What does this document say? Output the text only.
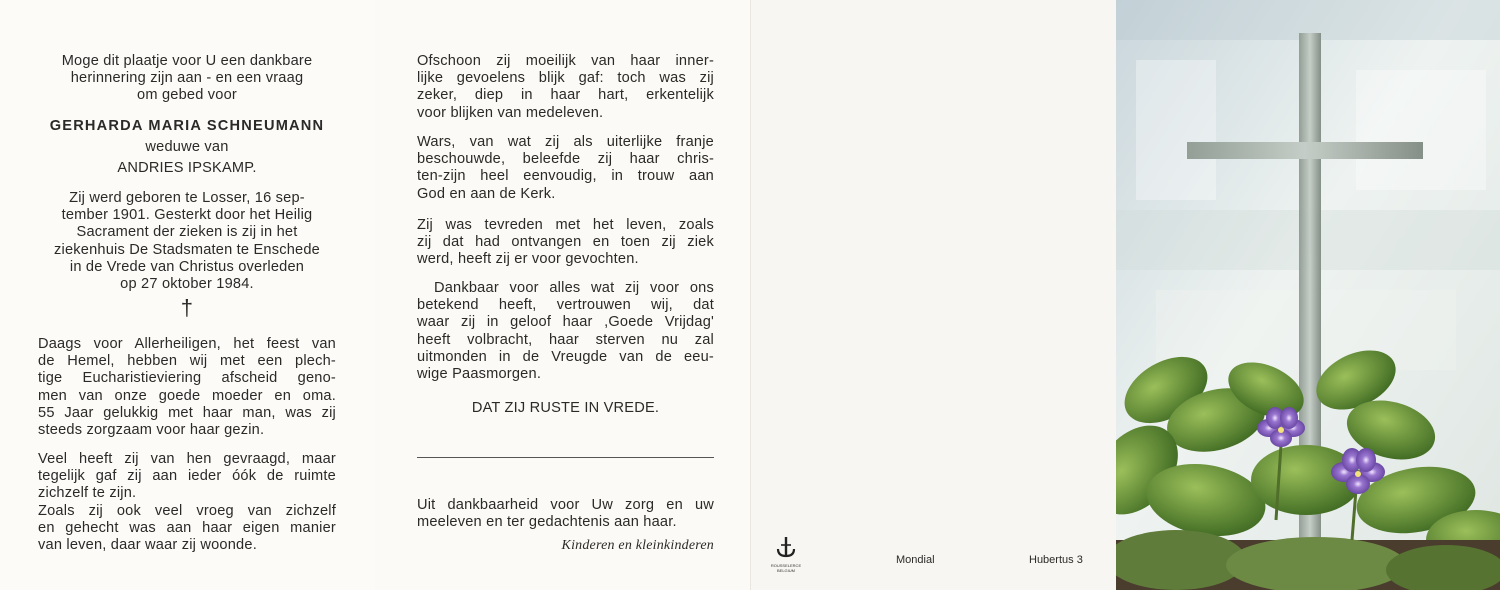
Moge dit plaatje voor U een dankbare
herinnering zijn aan - en een vraag
om gebed voor
GERHARDA MARIA SCHNEUMANN
weduwe van
ANDRIES IPSKAMP.
Zij werd geboren te Losser, 16 sep-
tember 1901. Gesterkt door het Heilig
Sacrament der zieken is zij in het
ziekenhuis De Stadsmaten te Enschede
in de Vrede van Christus overleden
op 27 oktober 1984.
†
Daags voor Allerheiligen, het feest van
de Hemel, hebben wij met een plech-
tige Eucharistieviering afscheid geno-
men van onze goede moeder en oma.
55 Jaar gelukkig met haar man, was zij
steeds zorgzaam voor haar gezin.
Veel heeft zij van hen gevraagd, maar
tegelijk gaf zij aan ieder óók de ruimte
zichzelf te zijn.
Zoals zij ook veel vroeg van zichzelf
en gehecht was aan haar eigen manier
van leven, daar waar zij woonde.
Ofschoon zij moeilijk van haar inner-
lijke gevoelens blijk gaf: toch was zij
zeker, diep in haar hart, erkentelijk
voor blijken van medeleven.
Wars, van wat zij als uiterlijke franje
beschouwde, beleefde zij haar chris-
ten-zijn heel eenvoudig, in trouw aan
God en aan de Kerk.
Zij was tevreden met het leven, zoals
zij dat had ontvangen en toen zij ziek
werd, heeft zij er voor gevochten.
Dankbaar voor alles wat zij voor ons
betekend heeft, vertrouwen wij, dat
waar zij in geloof haar ,Goede Vrijdag'
heeft volbracht, haar sterven nu zal
uitmonden in de Vreugde van de eeu-
wige Paasmorgen.
DAT ZIJ RUSTE IN VREDE.
Uit dankbaarheid voor Uw zorg en uw
meeleven en ter gedachtenis aan haar.
Kinderen en kleinkinderen
ROUSSELERCE
BELGIUM
Mondial	Hubertus 3
